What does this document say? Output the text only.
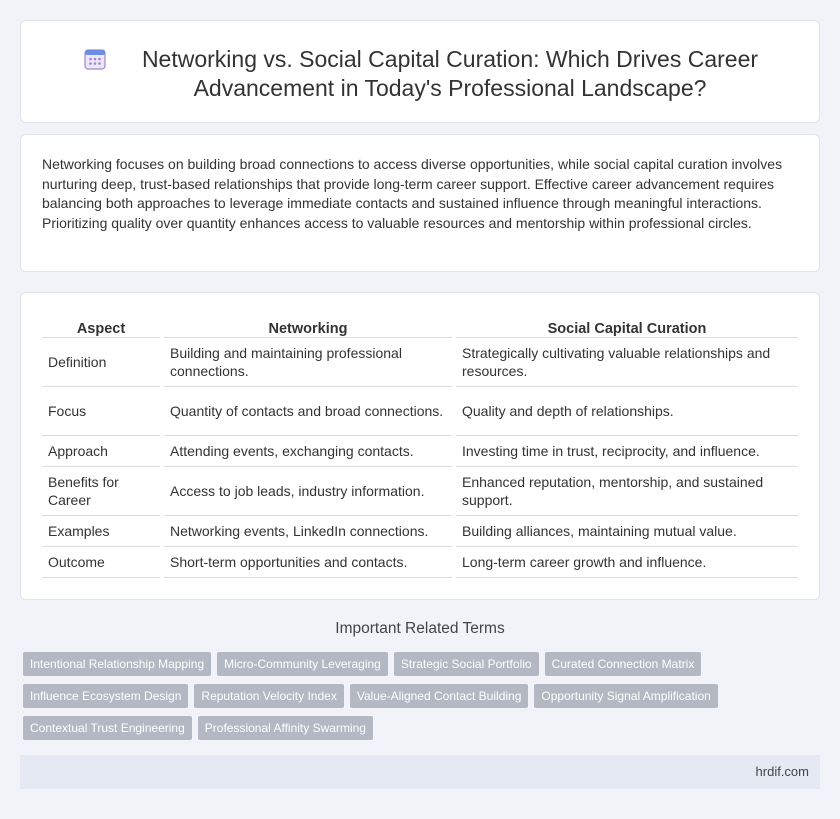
Networking vs. Social Capital Curation: Which Drives Career Advancement in Today's Professional Landscape?

Networking focuses on building broad connections to access diverse opportunities, while social capital curation involves nurturing deep, trust-based relationships that provide long-term career support. Effective career advancement requires balancing both approaches to leverage immediate contacts and sustained influence through meaningful interactions. Prioritizing quality over quantity enhances access to valuable resources and mentorship within professional circles.

Aspect	Networking	Social Capital Curation
Definition	Building and maintaining professional connections.	Strategically cultivating valuable relationships and resources.
Focus	Quantity of contacts and broad connections.	Quality and depth of relationships.
Approach	Attending events, exchanging contacts.	Investing time in trust, reciprocity, and influence.
Benefits for Career	Access to job leads, industry information.	Enhanced reputation, mentorship, and sustained support.
Examples	Networking events, LinkedIn connections.	Building alliances, maintaining mutual value.
Outcome	Short-term opportunities and contacts.	Long-term career growth and influence.
Important Related Terms
Intentional Relationship Mapping	Micro-Community Leveraging	Strategic Social Portfolio	Curated Connection Matrix
Influence Ecosystem Design	Reputation Velocity Index	Value-Aligned Contact Building	Opportunity Signal Amplification
Contextual Trust Engineering	Professional Affinity Swarming
hrdif.com
